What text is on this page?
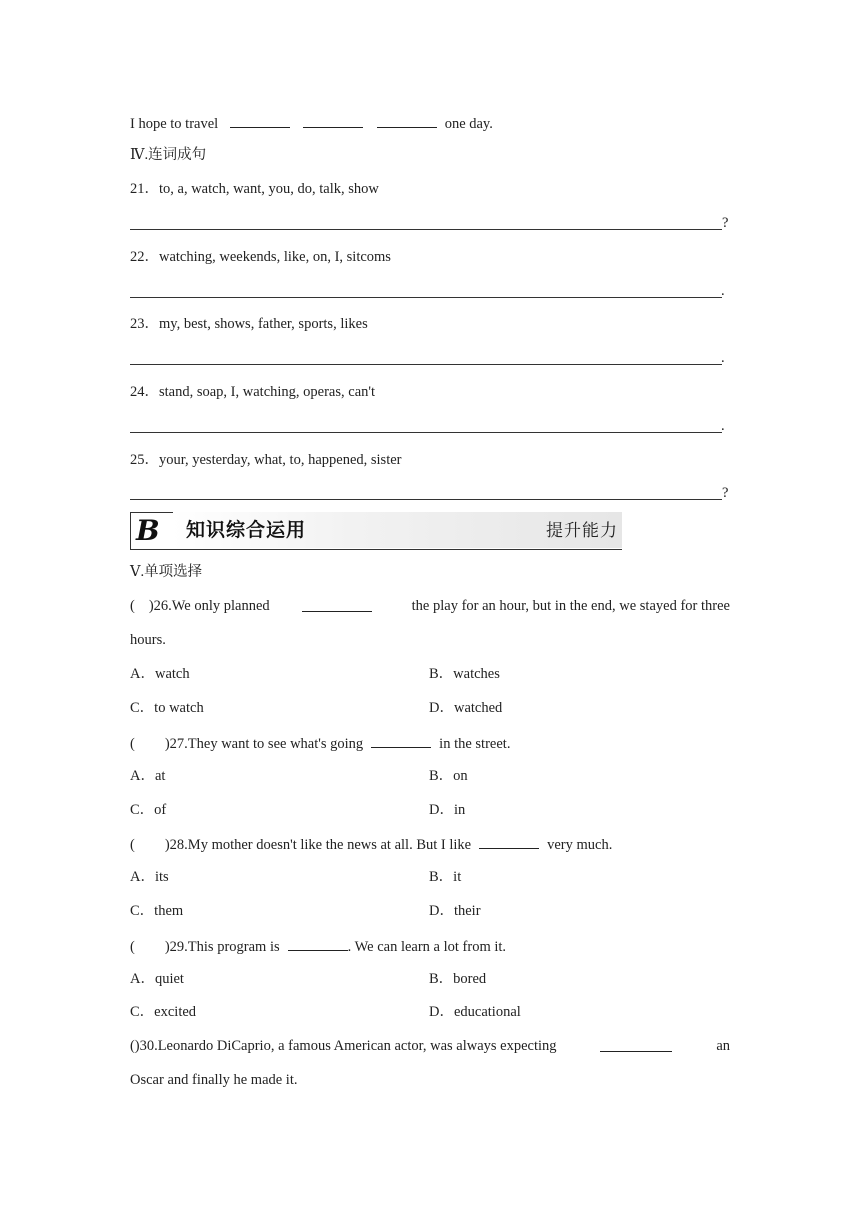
I hope to travel	one day.
Ⅳ.连词成句
21．to, a, watch, want, you, do, talk, show
?
22．watching, weekends, like, on, I, sitcoms
.
23．my, best, shows, father, sports, likes
.
24．stand, soap, I, watching, operas, can't
.
25．your, yesterday, what, to, happened, sister
?
B 知识综合运用	提升能力
Ⅴ.单项选择
( )26.We only planned	the play for an hour, but in the end, we stayed for three
hours.
A．watch	B．watches
C．to watch	D．watched
( )27.They want to see what's going	in the street.
A．at	B．on
C．of	D．in
( )28.My mother doesn't like the news at all. But I like	very much.
A．its	B．it
C．them	D．their
( )29.This program is	. We can learn a lot from it.
A．quiet	B．bored
C．excited	D．educational
( )30.Leonardo DiCaprio, a famous American actor, was always expecting	an
Oscar and finally he made it.
